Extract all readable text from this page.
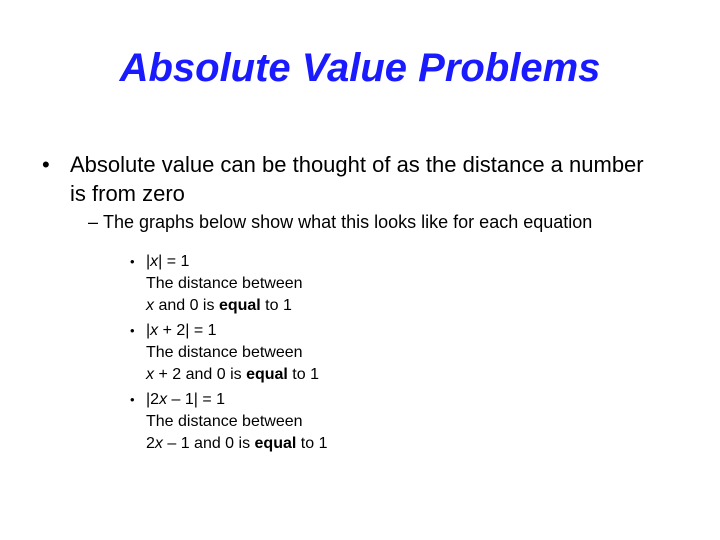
Absolute Value Problems
• Absolute value can be thought of as the distance a number is from zero
– The graphs below show what this looks like for each equation
• |x| = 1
The distance between
x and 0 is equal to 1
• |x + 2| = 1
The distance between
x + 2 and 0 is equal to 1
• |2x – 1| = 1
The distance between
2x – 1 and 0 is equal to 1
